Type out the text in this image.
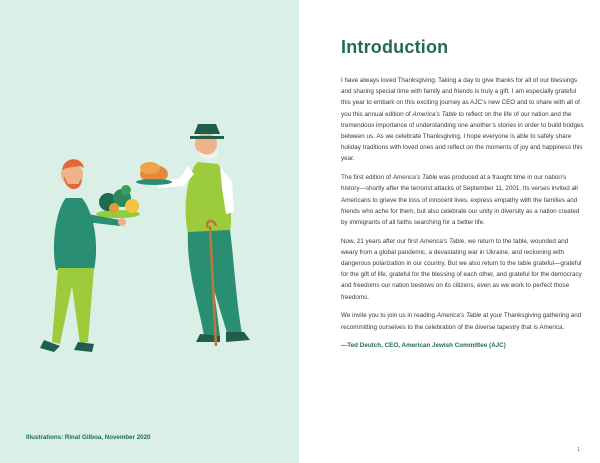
Illustrations: Rinat Gilboa, November 2020
Introduction

I have always loved Thanksgiving. Taking a day to give thanks for all of our blessings and sharing special time with family and friends is truly a gift. I am especially grateful this year to embark on this exciting journey as AJC’s new CEO and to share with all of you this annual edition of America’s Table to reflect on the life of our nation and the tremendous importance of understanding one another’s stories in order to build bridges between us. As we celebrate Thanksgiving, I hope everyone is able to safely share holiday traditions with loved ones and reflect on the moments of joy and happiness this year.

The first edition of America’s Table was produced at a fraught time in our nation’s history—shortly after the terrorist attacks of September 11, 2001. Its verses invited all Americans to grieve the loss of innocent lives, express empathy with the families and friends who ache for them, but also celebrate our unity in diversity as a nation created by immigrants of all faiths searching for a better life.

Now, 21 years after our first America’s Table, we return to the table, wounded and weary from a global pandemic, a devastating war in Ukraine, and reckoning with dangerous polarization in our country. But we also return to the table grateful—grateful for the gift of life, grateful for the blessing of each other, and grateful for the democracy and freedoms our nation bestows on its citizens, even as we work to perfect those freedoms.

We invite you to join us in reading America’s Table at your Thanksgiving gathering and recommitting ourselves to the celebration of the diverse tapestry that is America.

—Ted Deutch, CEO, American Jewish Committee (AJC)

1
